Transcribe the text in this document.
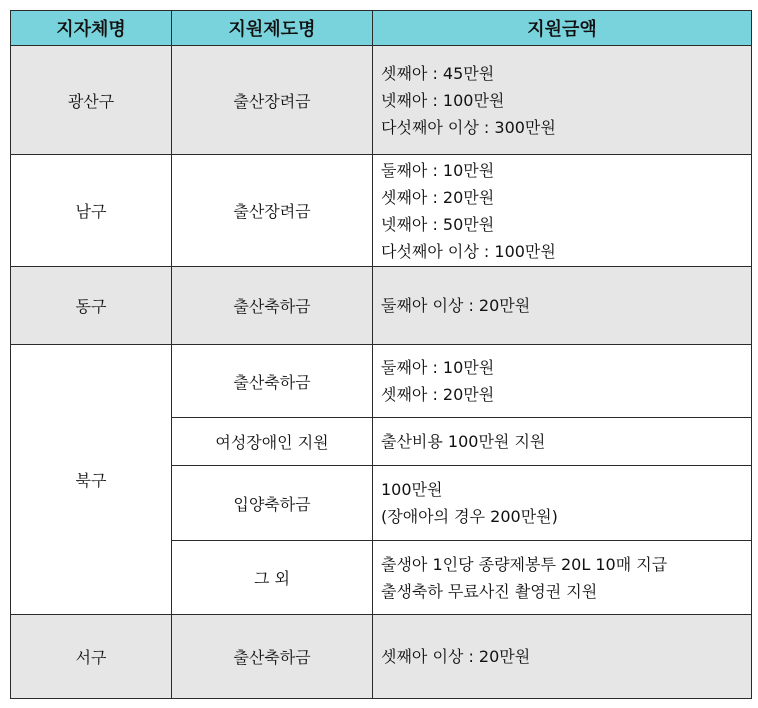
지자체명	지원제도명	지원금액
광산구	출산장려금	셋째아 : 45만원
넷째아 : 100만원
다섯째아 이상 : 300만원

남구	출산장려금	둘째아 : 10만원
셋째아 : 20만원
넷째아 : 50만원
다섯째아 이상 : 100만원

동구	출산축하금	둘째아 이상 : 20만원

북구	출산축하금	둘째아 : 10만원
셋째아 : 20만원

	여성장애인 지원	출산비용 100만원 지원

	입양축하금	100만원
(장애아의 경우 200만원)

	그 외	출생아 1인당 종량제봉투 20L 10매 지급
출생축하 무료사진 촬영권 지원

서구	출산축하금	셋째아 이상 : 20만원
